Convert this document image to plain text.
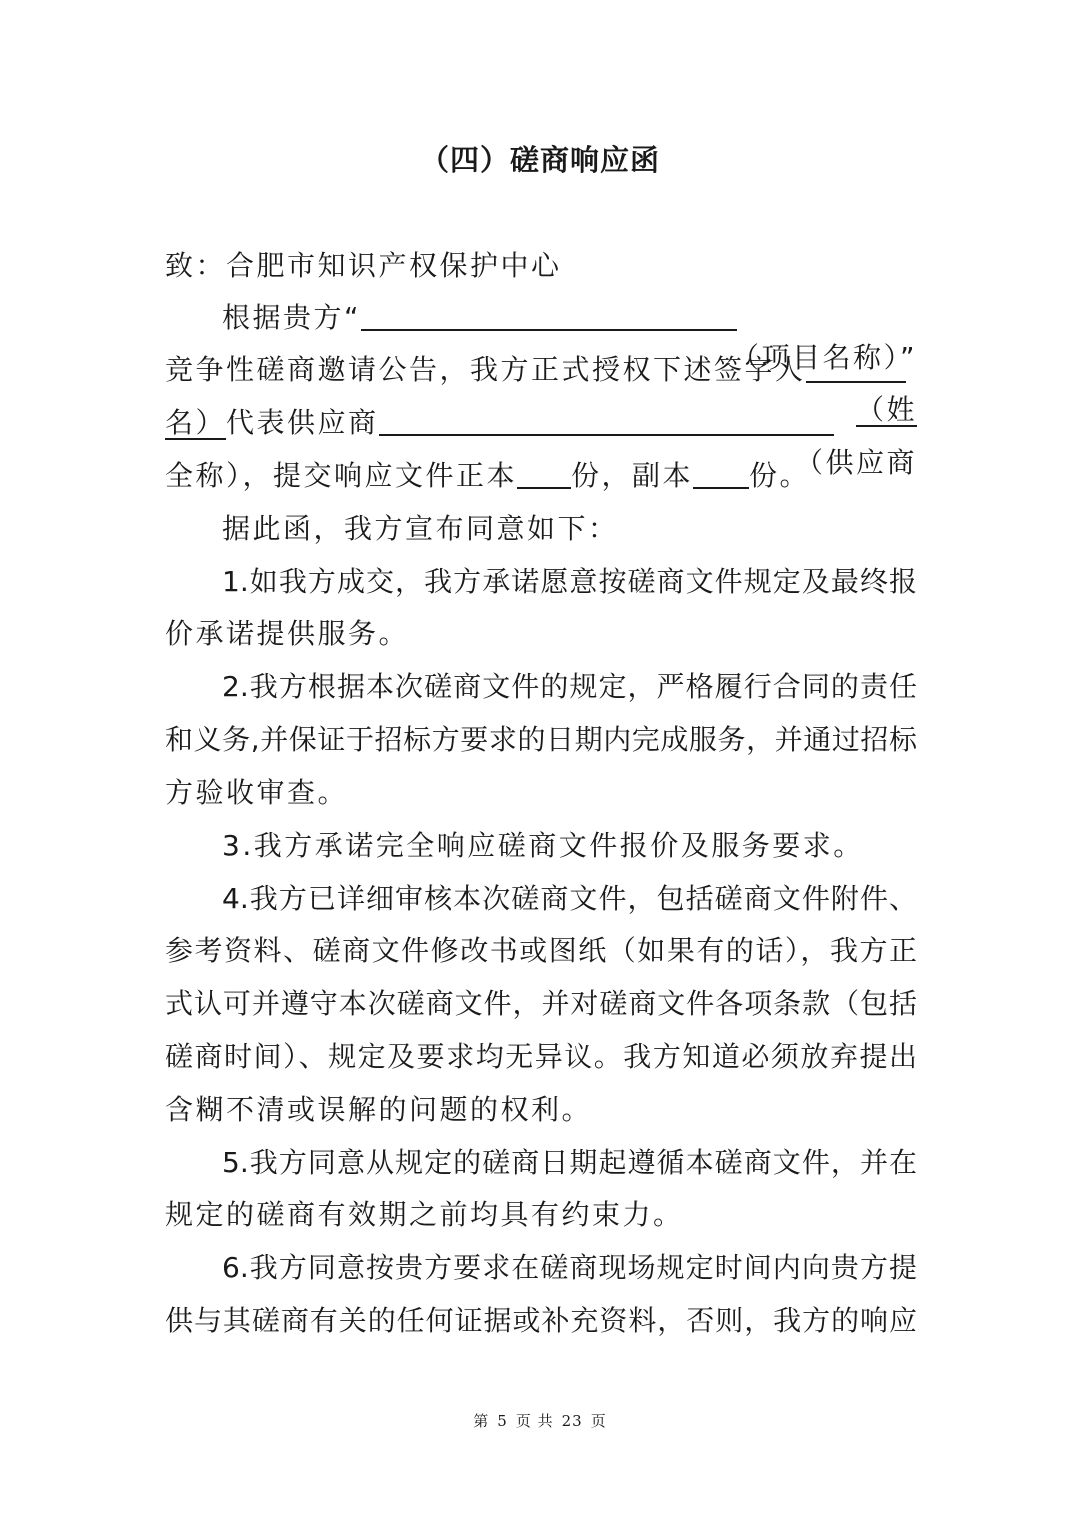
（四）磋商响应函
致：合肥市知识产权保护中心
根据贵方“
（项目名称）”
竞争性磋商邀请公告，我方正式授权下述签字人
（姓
名）代表供应商
（供应商
全称），提交响应文件正本 份，副本 份。
据此函，我方宣布同意如下：
1.如我方成交，我方承诺愿意按磋商文件规定及最终报
价承诺提供服务。
2.我方根据本次磋商文件的规定，严格履行合同的责任
和义务,并保证于招标方要求的日期内完成服务，并通过招标
方验收审查。
3.我方承诺完全响应磋商文件报价及服务要求。
4.我方已详细审核本次磋商文件，包括磋商文件附件、
参考资料、磋商文件修改书或图纸（如果有的话），我方正
式认可并遵守本次磋商文件，并对磋商文件各项条款（包括
磋商时间）、规定及要求均无异议。我方知道必须放弃提出
含糊不清或误解的问题的权利。
5.我方同意从规定的磋商日期起遵循本磋商文件，并在
规定的磋商有效期之前均具有约束力。
6.我方同意按贵方要求在磋商现场规定时间内向贵方提
供与其磋商有关的任何证据或补充资料，否则，我方的响应
第 5 页 共 23 页
